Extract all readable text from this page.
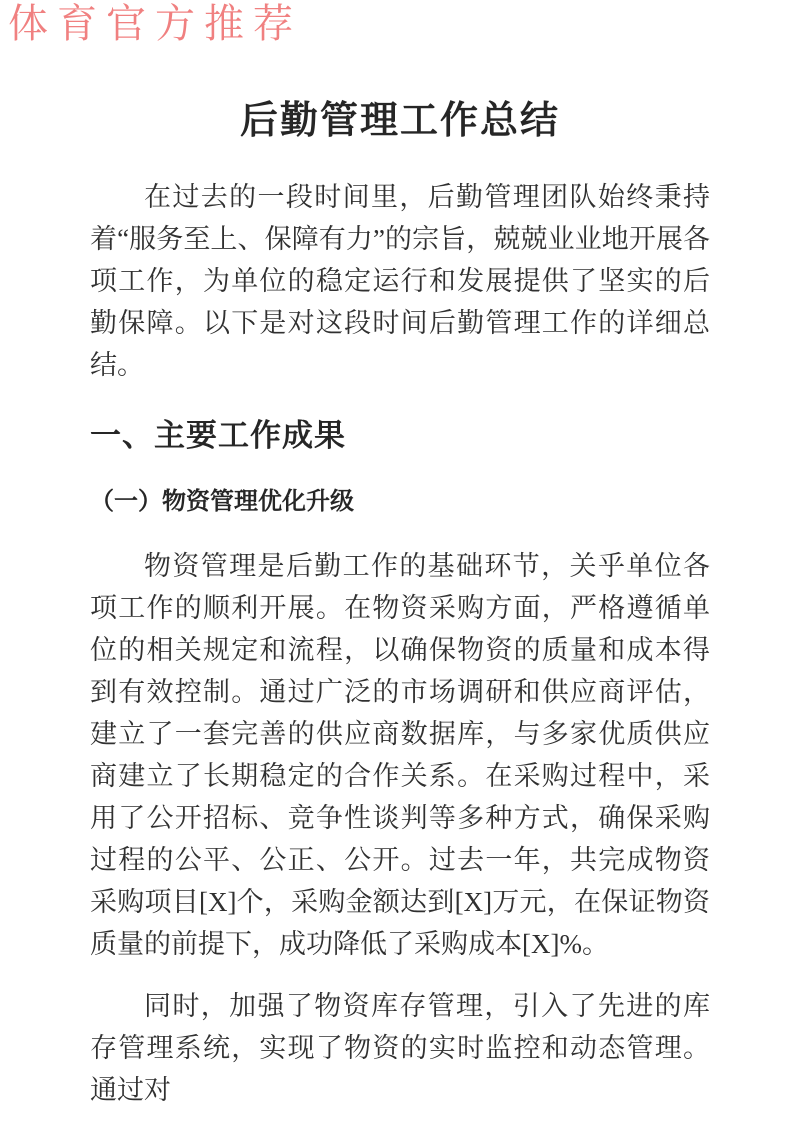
体育官方推荐
后勤管理工作总结

在过去的一段时间里，后勤管理团队始终秉持着“服务至上、保障有力”的宗旨，兢兢业业地开展各项工作，为单位的稳定运行和发展提供了坚实的后勤保障。以下是对这段时间后勤管理工作的详细总结。

一、主要工作成果
（一）物资管理优化升级

物资管理是后勤工作的基础环节，关乎单位各项工作的顺利开展。在物资采购方面，严格遵循单位的相关规定和流程，以确保物资的质量和成本得到有效控制。通过广泛的市场调研和供应商评估，建立了一套完善的供应商数据库，与多家优质供应商建立了长期稳定的合作关系。在采购过程中，采用了公开招标、竞争性谈判等多种方式，确保采购过程的公平、公正、公开。过去一年，共完成物资采购项目[X]个，采购金额达到[X]万元，在保证物资质量的前提下，成功降低了采购成本[X]%。

同时，加强了物资库存管理，引入了先进的库存管理系统，实现了物资的实时监控和动态管理。通过对
